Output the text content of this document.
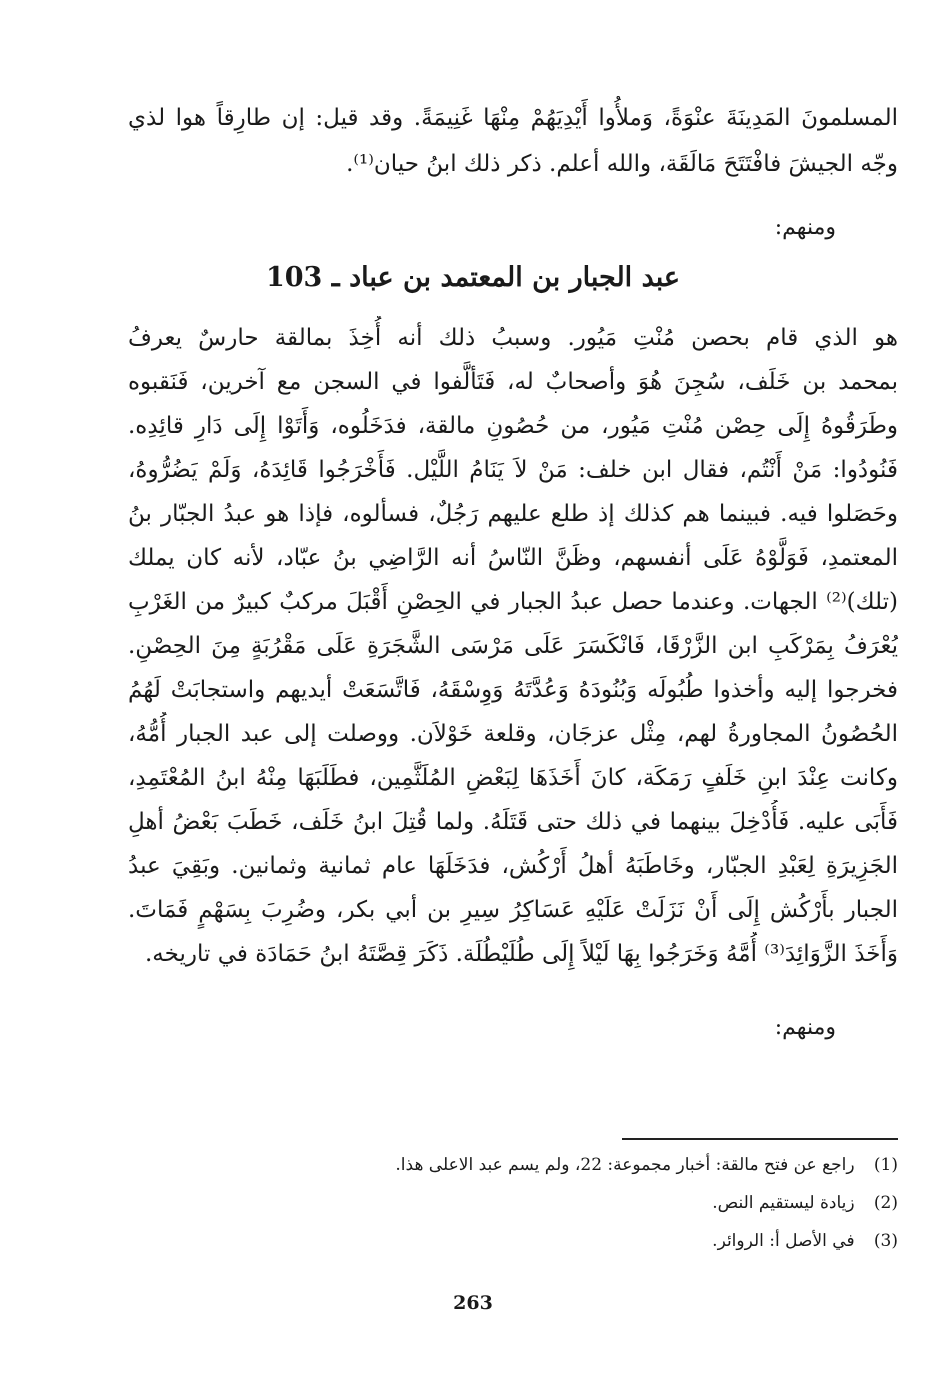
المسلمونَ المَدِينَةَ عنْوَةً، وَملأُوا أَيْدِيَهُمْ مِنْهَا غَنِيمَةً. وقد قيل: إن طارِقاً هوا لذي
وجّه الجيشَ فافْتَتَحَ مَالَقَة، والله أعلم. ذكر ذلك ابنُ حيان⁽¹⁾.
ومنهم:
عبد الجبار بن المعتمد بن عباد ـ 103
هو الذي قام بحصن مُنْتِ مَيُور. وسببُ ذلك أنه أُخِذَ بمالقة حارسٌ يعرفُ
بمحمد بن خَلَف، سُجِنَ هُوَ وأصحابٌ له، فَتَألَّفوا في السجن مع آخرين، فَنَقبوه
وطَرَقُوهُ إِلَى حِصْن مُنْتِ مَيُور، من حُصُونِ مالقة، فدَخَلُوه، وَأَتَوْا إِلَى دَارِ قائِدِه.
فَنُودُوا: مَنْ أَنْتُم، فقال ابن خلف: مَنْ لاَ يَنَامُ اللَّيْل. فَأَخْرَجُوا قَائِدَهُ، وَلَمْ يَضُرُّوهُ،
وحَصَلوا فيه. فبينما هم كذلك إذ طلع عليهم رَجُلٌ، فسألوه، فإذا هو عبدُ الجبّار بنُ
المعتمدِ، فَوَلَّوْهُ عَلَى أنفسهم، وظَنَّ النّاسُ أنه الرَّاضِي بنُ عبّاد، لأنه كان يملك
(تلك)⁽²⁾ الجهات. وعندما حصل عبدُ الجبار في الحِصْنِ أَقْبَلَ مركبٌ كبيرٌ من الغَرْبِ
يُعْرَفُ بِمَرْكَبِ ابن الزَّرْقَا، فَانْكَسَرَ عَلَى مَرْسَى الشَّجَرَةِ عَلَى مَقْرُبَةٍ مِنَ الحِصْنِ.
فخرجوا إليه وأخذوا طُبُولَه وَبُنُودَهُ وَعُدَّتَهُ وَوِسْقَهُ، فَاتَّسَعَتْ أيديهم واستجابَتْ لَهُمُ
الحُصُونُ المجاورةُ لهم، مِثْل عزجَان، وقلعة خَوْلاَن. ووصلت إلى عبد الجبار أُمُّهُ،
وكانت عِنْدَ ابنِ خَلَفٍ رَمَكَة، كانَ أَخَذَهَا لِبَعْضِ المُلَثَّمِين، فطَلَبَهَا مِنْهُ ابنُ المُعْتَمِدِ،
فَأَبَى عليه. فَأُدْخِلَ بينهما في ذلك حتى قَتَلَهُ. ولما قُتِلَ ابنُ خَلَف، خَطَبَ بَعْضُ أهلِ
الجَزِيرَةِ لِعَبْدِ الجبّار، وخَاطَبَهُ أهلُ أَرْكُش، فدَخَلَهَا عام ثمانية وثمانين. وبَقِيَ عبدُ
الجبار بأَرْكُش إِلَى أَنْ نَزَلَتْ عَلَيْهِ عَسَاكِرُ سِيرِ بن أبي بكر، وضُرِبَ بِسَهْمٍ فَمَاتَ.
وَأَخَذَ الزَّوَائِدَ⁽³⁾ أُمَّهُ وَخَرَجُوا بِهَا لَيْلاً إِلَى طُلَيْطُلَة. ذَكَرَ قِصَّتَهُ ابنُ حَمَادَة في تاريخه.
ومنهم:
(1) راجع عن فتح مالقة: أخبار مجموعة: 22، ولم يسم عبد الاعلى هذا.
(2) زيادة ليستقيم النص.
(3) في الأصل أ: الروائر.
263
